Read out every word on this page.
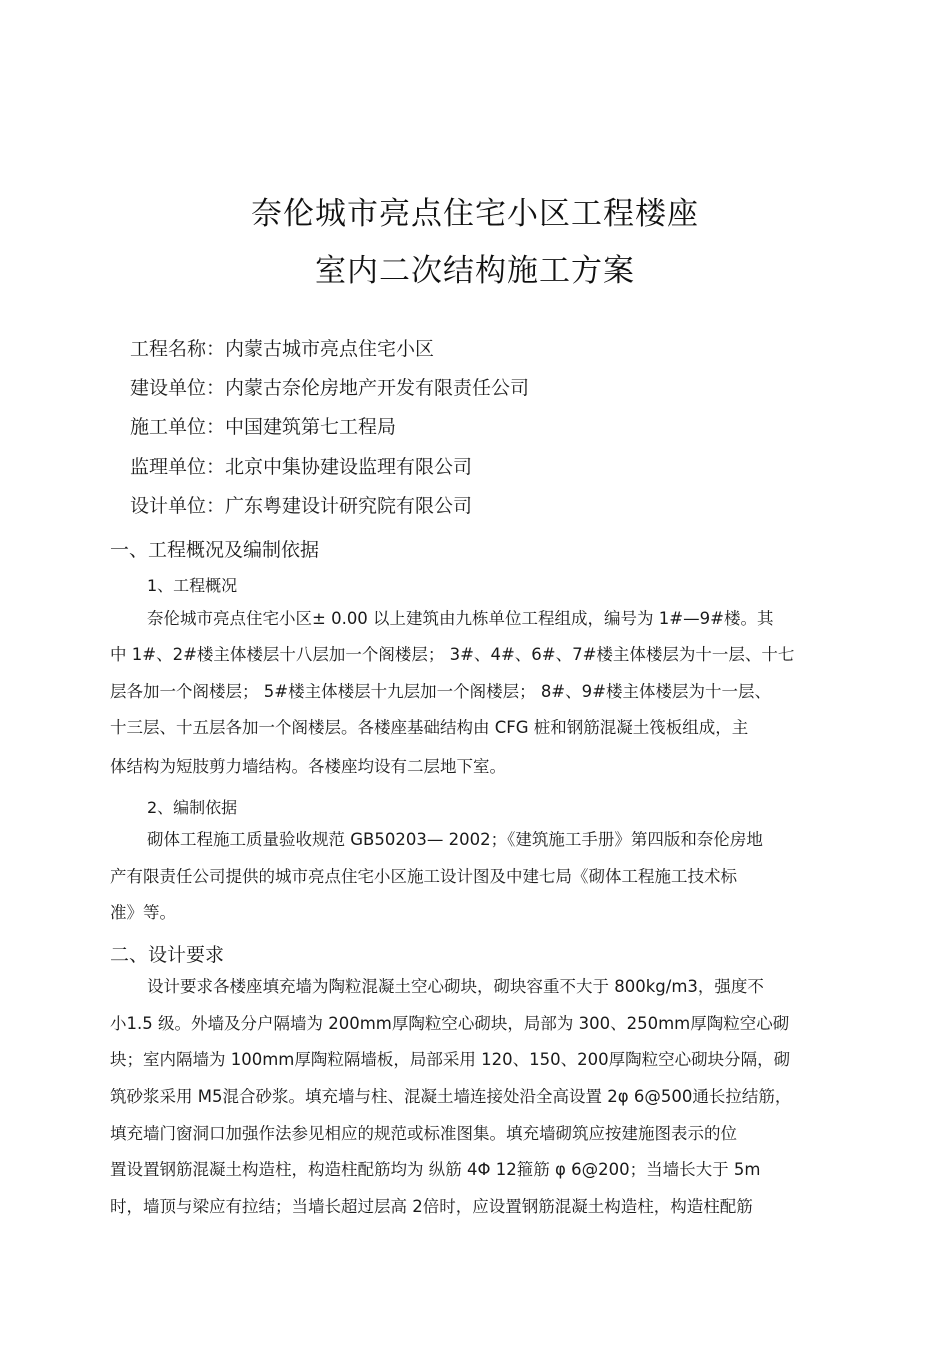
奈伦城市亮点住宅小区工程楼座
室内二次结构施工方案
工程名称：内蒙古城市亮点住宅小区
建设单位：内蒙古奈伦房地产开发有限责任公司
施工单位：中国建筑第七工程局
监理单位：北京中集协建设监理有限公司
设计单位：广东粤建设计研究院有限公司
一、工程概况及编制依据
1、工程概况
奈伦城市亮点住宅小区± 0.00 以上建筑由九栋单位工程组成，编号为 1#—9#楼。其
中 1#、2#楼主体楼层十八层加一个阁楼层； 3#、4#、6#、7#楼主体楼层为十一层、十七
层各加一个阁楼层； 5#楼主体楼层十九层加一个阁楼层； 8#、9#楼主体楼层为十一层、
十三层、十五层各加一个阁楼层。各楼座基础结构由 CFG 桩和钢筋混凝土筏板组成，主
体结构为短肢剪力墙结构。各楼座均设有二层地下室。
2、编制依据
砌体工程施工质量验收规范 GB50203— 2002；《建筑施工手册》第四版和奈伦房地
产有限责任公司提供的城市亮点住宅小区施工设计图及中建七局《砌体工程施工技术标
准》等。
二、设计要求
设计要求各楼座填充墙为陶粒混凝土空心砌块，砌块容重不大于 800kg/m3，强度不
小1.5 级。外墙及分户隔墙为 200mm厚陶粒空心砌块，局部为 300、250mm厚陶粒空心砌
块；室内隔墙为 100mm厚陶粒隔墙板，局部采用 120、150、200厚陶粒空心砌块分隔，砌
筑砂浆采用 M5混合砂浆。填充墙与柱、混凝土墙连接处沿全高设置 2φ 6@500通长拉结筋，
填充墙门窗洞口加强作法参见相应的规范或标准图集。填充墙砌筑应按建施图表示的位
置设置钢筋混凝土构造柱，构造柱配筋均为 纵筋 4Φ 12箍筋 φ 6@200；当墙长大于 5m
时，墙顶与梁应有拉结；当墙长超过层高 2倍时，应设置钢筋混凝土构造柱，构造柱配筋
